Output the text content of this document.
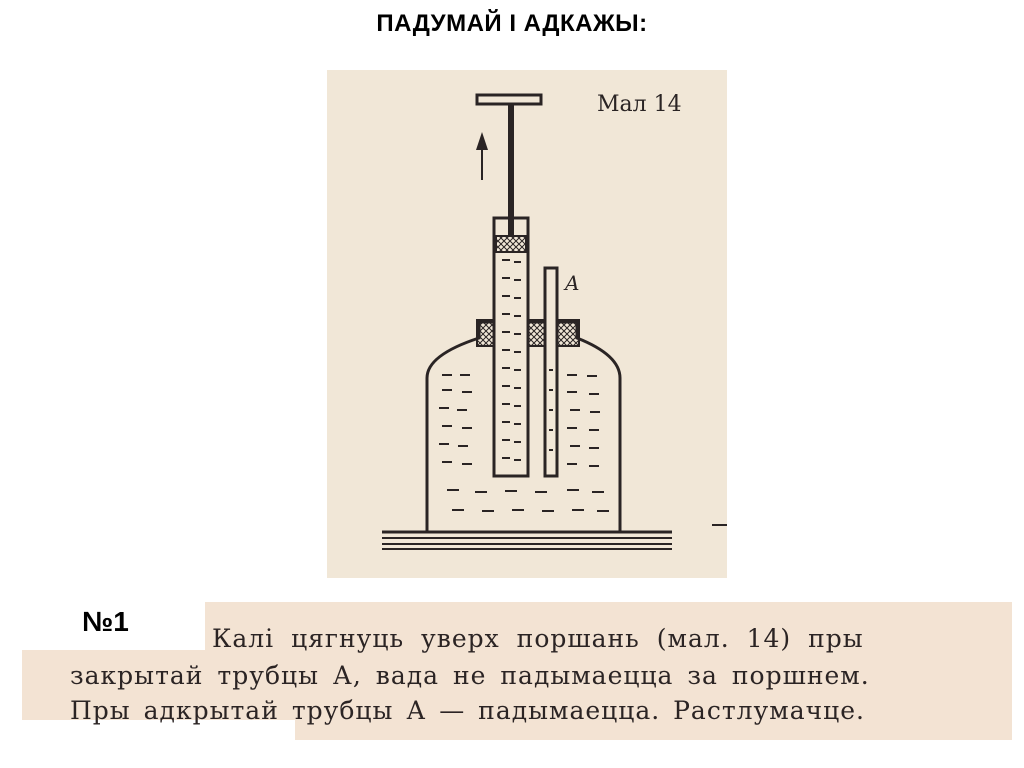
ПАДУМАЙ І АДКАЖЫ:
A
Мал 14
№1
Калі цягнуць уверх поршань (мал. 14) пры
закрытай трубцы А, вада не падымаецца за поршнем.
Пры адкрытай трубцы А — падымаецца. Растлумачце.
